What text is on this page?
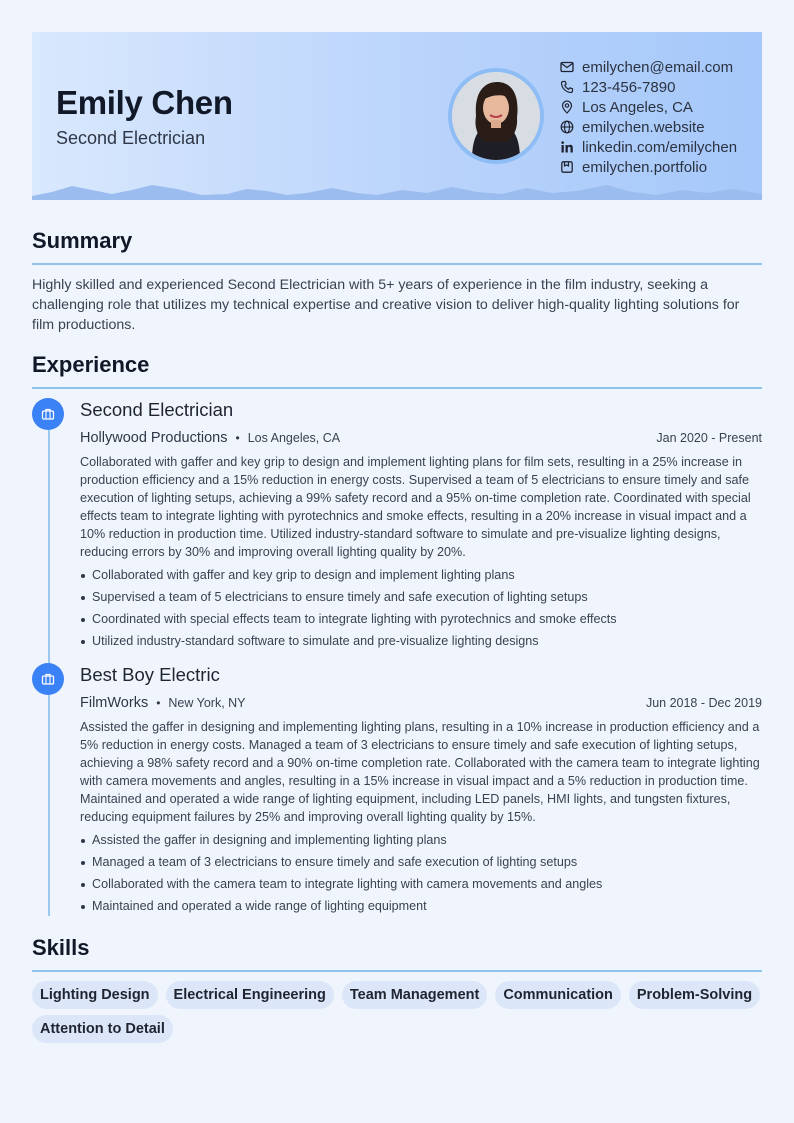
Emily Chen
Second Electrician
emilychen@email.com
123-456-7890
Los Angeles, CA
emilychen.website
linkedin.com/emilychen
emilychen.portfolio
Summary
Highly skilled and experienced Second Electrician with 5+ years of experience in the film industry, seeking a challenging role that utilizes my technical expertise and creative vision to deliver high-quality lighting solutions for film productions.
Experience
Second Electrician
Hollywood Productions • Los Angeles, CA	Jan 2020 - Present
Collaborated with gaffer and key grip to design and implement lighting plans for film sets, resulting in a 25% increase in production efficiency and a 15% reduction in energy costs. Supervised a team of 5 electricians to ensure timely and safe execution of lighting setups, achieving a 99% safety record and a 95% on-time completion rate. Coordinated with special effects team to integrate lighting with pyrotechnics and smoke effects, resulting in a 20% increase in visual impact and a 10% reduction in production time. Utilized industry-standard software to simulate and pre-visualize lighting designs, reducing errors by 30% and improving overall lighting quality by 20%.
Collaborated with gaffer and key grip to design and implement lighting plans
Supervised a team of 5 electricians to ensure timely and safe execution of lighting setups
Coordinated with special effects team to integrate lighting with pyrotechnics and smoke effects
Utilized industry-standard software to simulate and pre-visualize lighting designs
Best Boy Electric
FilmWorks • New York, NY	Jun 2018 - Dec 2019
Assisted the gaffer in designing and implementing lighting plans, resulting in a 10% increase in production efficiency and a 5% reduction in energy costs. Managed a team of 3 electricians to ensure timely and safe execution of lighting setups, achieving a 98% safety record and a 90% on-time completion rate. Collaborated with the camera team to integrate lighting with camera movements and angles, resulting in a 15% increase in visual impact and a 5% reduction in production time. Maintained and operated a wide range of lighting equipment, including LED panels, HMI lights, and tungsten fixtures, reducing equipment failures by 25% and improving overall lighting quality by 15%.
Assisted the gaffer in designing and implementing lighting plans
Managed a team of 3 electricians to ensure timely and safe execution of lighting setups
Collaborated with the camera team to integrate lighting with camera movements and angles
Maintained and operated a wide range of lighting equipment
Skills
Lighting Design	Electrical Engineering	Team Management	Communication	Problem-Solving
Attention to Detail
